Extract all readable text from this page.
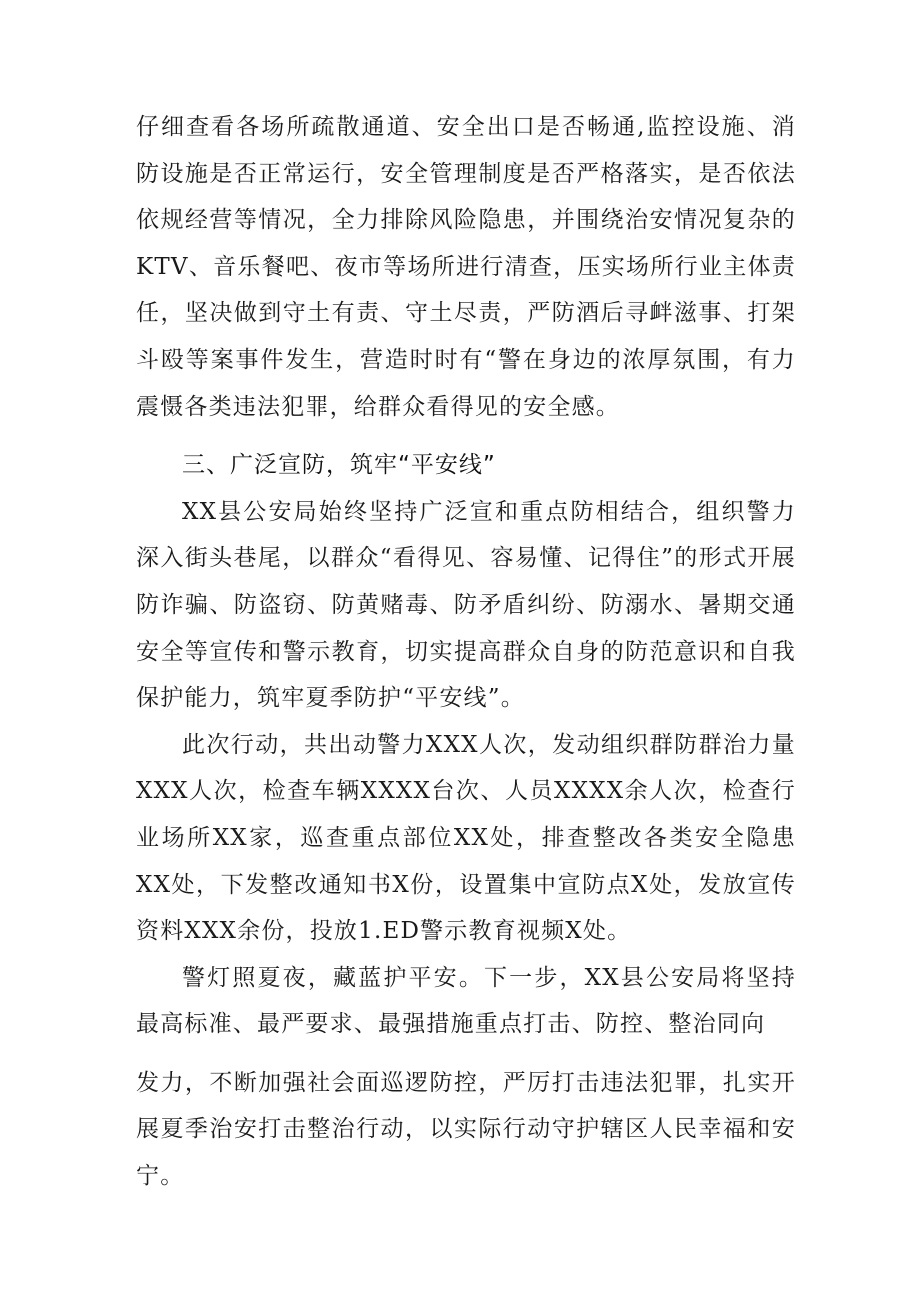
仔细查看各场所疏散通道、安全出口是否畅通,监控设施、消防设施是否正常运行，安全管理制度是否严格落实，是否依法依规经营等情况，全力排除风险隐患，并围绕治安情况复杂的KTV、音乐餐吧、夜市等场所进行清查，压实场所行业主体责任，坚决做到守土有责、守土尽责，严防酒后寻衅滋事、打架斗殴等案事件发生，营造时时有“警在身边的浓厚氛围，有力震慑各类违法犯罪，给群众看得见的安全感。

三、广泛宣防，筑牢“平安线”

XX县公安局始终坚持广泛宣和重点防相结合，组织警力深入街头巷尾，以群众“看得见、容易懂、记得住”的形式开展防诈骗、防盗窃、防黄赌毒、防矛盾纠纷、防溺水、暑期交通安全等宣传和警示教育，切实提高群众自身的防范意识和自我保护能力，筑牢夏季防护“平安线”。

此次行动，共出动警力XXX人次，发动组织群防群治力量XXX人次，检查车辆XXXX台次、人员XXXX余人次，检查行业场所XX家，巡查重点部位XX处，排查整改各类安全隐患XX处，下发整改通知书X份，设置集中宣防点X处，发放宣传资料XXX余份，投放1.ED警示教育视频X处。

警灯照夏夜，藏蓝护平安。下一步，XX县公安局将坚持最高标准、最严要求、最强措施重点打击、防控、整治同向

发力，不断加强社会面巡逻防控，严厉打击违法犯罪，扎实开展夏季治安打击整治行动，以实际行动守护辖区人民幸福和安宁。
